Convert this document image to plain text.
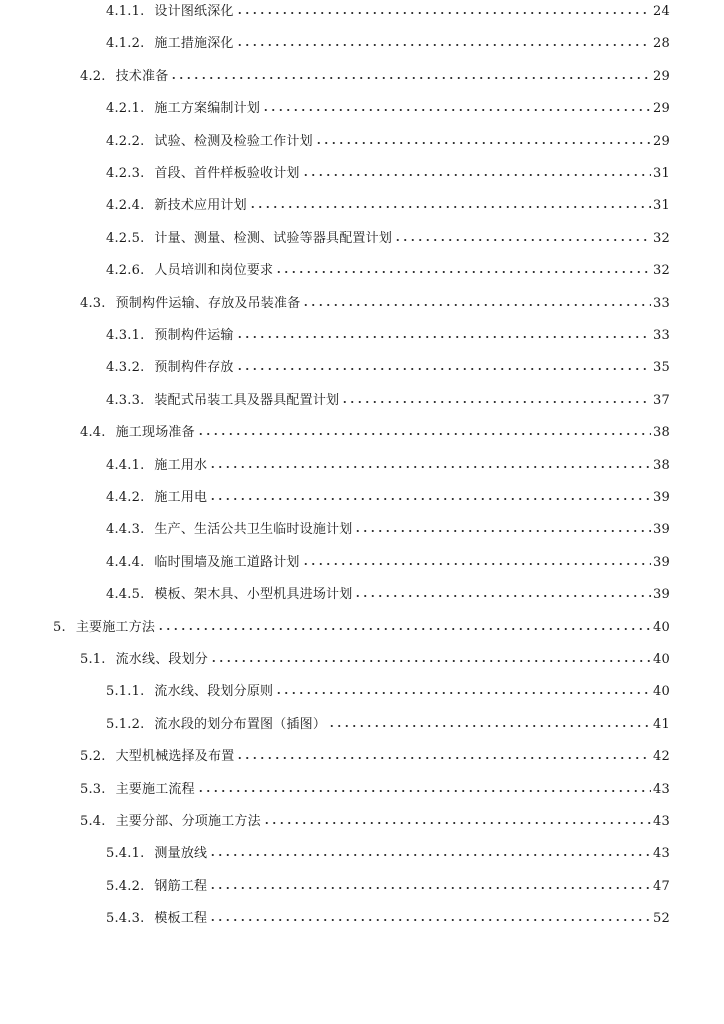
4.1.1. 设计图纸深化	24
4.1.2. 施工措施深化	28
4.2. 技术准备	29
4.2.1. 施工方案编制计划	29
4.2.2. 试验、检测及检验工作计划	29
4.2.3. 首段、首件样板验收计划	31
4.2.4. 新技术应用计划	31
4.2.5. 计量、测量、检测、试验等器具配置计划	32
4.2.6. 人员培训和岗位要求	32
4.3. 预制构件运输、存放及吊装准备	33
4.3.1. 预制构件运输	33
4.3.2. 预制构件存放	35
4.3.3. 装配式吊装工具及器具配置计划	37
4.4. 施工现场准备	38
4.4.1. 施工用水	38
4.4.2. 施工用电	39
4.4.3. 生产、生活公共卫生临时设施计划	39
4.4.4. 临时围墙及施工道路计划	39
4.4.5. 模板、架木具、小型机具进场计划	39
5. 主要施工方法	40
5.1. 流水线、段划分	40
5.1.1. 流水线、段划分原则	40
5.1.2. 流水段的划分布置图（插图）	41
5.2. 大型机械选择及布置	42
5.3. 主要施工流程	43
5.4. 主要分部、分项施工方法	43
5.4.1. 测量放线	43
5.4.2. 钢筋工程	47
5.4.3. 模板工程	52
